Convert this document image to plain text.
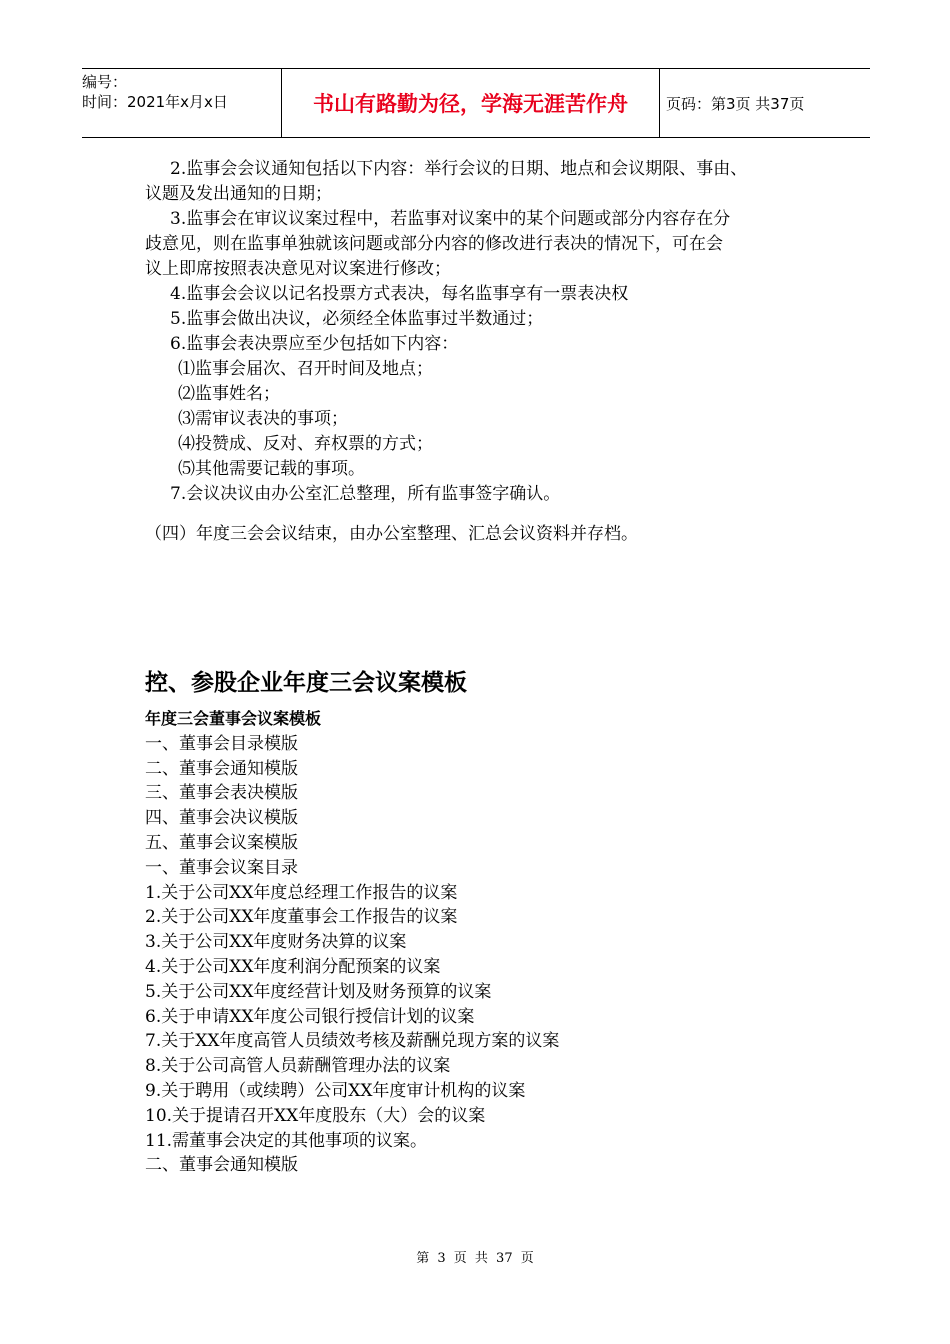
编号：
时间：2021年x月x日	书山有路勤为径，学海无涯苦作舟	页码：第3页 共37页
2.监事会会议通知包括以下内容：举行会议的日期、地点和会议期限、事由、
议题及发出通知的日期；
3.监事会在审议议案过程中，若监事对议案中的某个问题或部分内容存在分
歧意见，则在监事单独就该问题或部分内容的修改进行表决的情况下，可在会
议上即席按照表决意见对议案进行修改；
4.监事会会议以记名投票方式表决，每名监事享有一票表决权
5.监事会做出决议，必须经全体监事过半数通过；
6.监事会表决票应至少包括如下内容：
⑴监事会届次、召开时间及地点；
⑵监事姓名；
⑶需审议表决的事项；
⑷投赞成、反对、弃权票的方式；
⑸其他需要记载的事项。
7.会议决议由办公室汇总整理，所有监事签字确认。
（四）年度三会会议结束，由办公室整理、汇总会议资料并存档。
控、参股企业年度三会议案模板
年度三会董事会议案模板
一、董事会目录模版
二、董事会通知模版
三、董事会表决模版
四、董事会决议模版
五、董事会议案模版
一、董事会议案目录
1.关于公司XX年度总经理工作报告的议案
2.关于公司XX年度董事会工作报告的议案
3.关于公司XX年度财务决算的议案
4.关于公司XX年度利润分配预案的议案
5.关于公司XX年度经营计划及财务预算的议案
6.关于申请XX年度公司银行授信计划的议案
7.关于XX年度高管人员绩效考核及薪酬兑现方案的议案
8.关于公司高管人员薪酬管理办法的议案
9.关于聘用（或续聘）公司XX年度审计机构的议案
10.关于提请召开XX年度股东（大）会的议案
11.需董事会决定的其他事项的议案。
二、董事会通知模版
第 3 页 共 37 页
